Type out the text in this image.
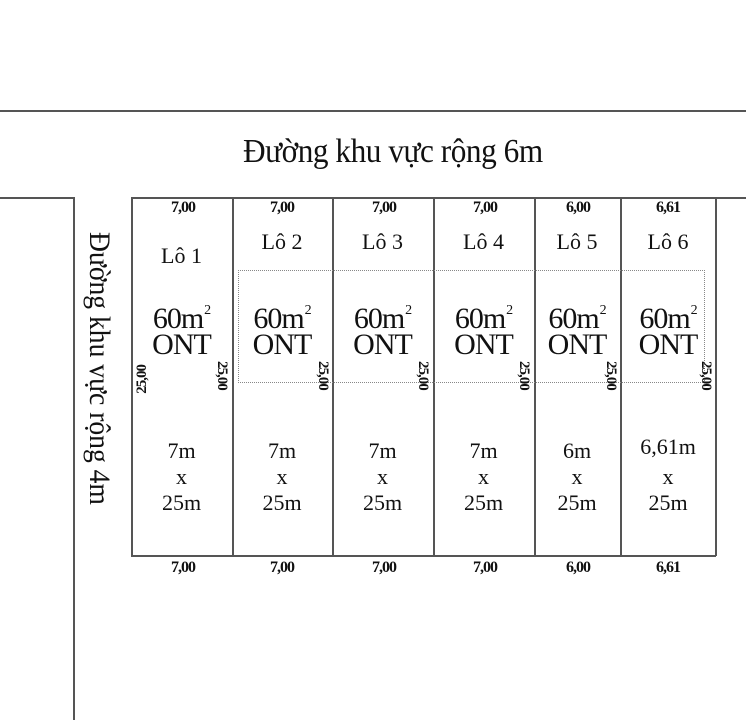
Đường khu vực rộng 6m
Đường khu vực rộng 4m
7,00
Lô 1
$60m^2$
ONT
25,00	25,00
7m
x
25m
7,00
7,00
Lô 2
$60m^2$
ONT
25,00
7m
x
25m
7,00
7,00
Lô 3
$60m^2$
ONT
25,00
7m
x
25m
7,00
7,00
Lô 4
$60m^2$
ONT
25,00
7m
x
25m
7,00
6,00
Lô 5
$60m^2$
ONT
25,00
6m
x
25m
6,00
6,61
Lô 6
$60m^2$
ONT
25,00
6,61m
x
25m
6,61
